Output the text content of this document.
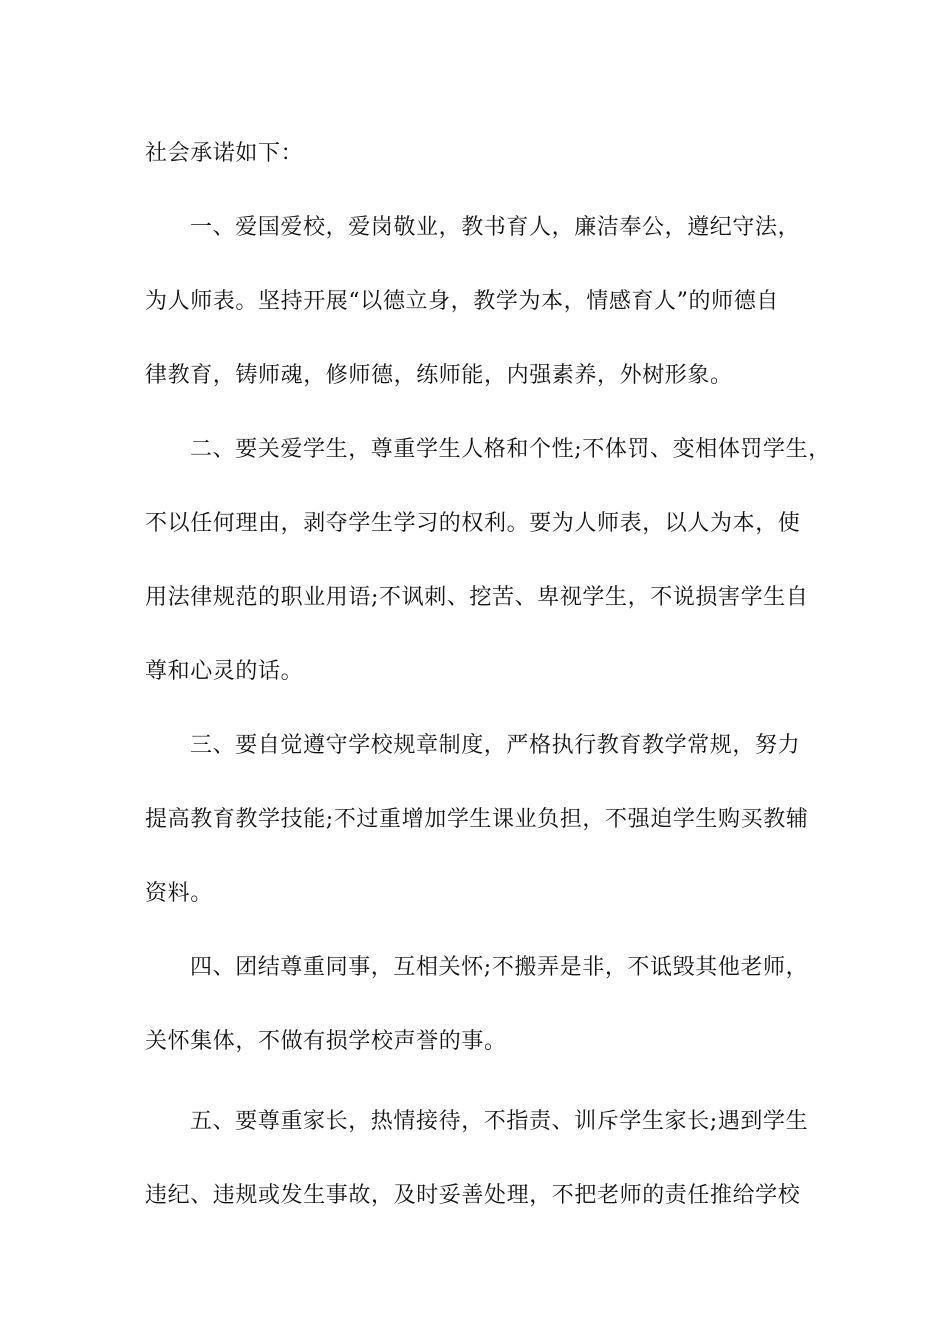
社会承诺如下：
一、爱国爱校，爱岗敬业，教书育人，廉洁奉公，遵纪守法，
为人师表。坚持开展“以德立身，教学为本，情感育人”的师德自
律教育，铸师魂，修师德，练师能，内强素养，外树形象。
二、要关爱学生，尊重学生人格和个性;不体罚、变相体罚学生，
不以任何理由，剥夺学生学习的权利。要为人师表，以人为本，使
用法律规范的职业用语;不讽刺、挖苦、卑视学生，不说损害学生自
尊和心灵的话。
三、要自觉遵守学校规章制度，严格执行教育教学常规，努力
提高教育教学技能;不过重增加学生课业负担，不强迫学生购买教辅
资料。
四、团结尊重同事，互相关怀;不搬弄是非，不诋毁其他老师，
关怀集体，不做有损学校声誉的事。
五、要尊重家长，热情接待，不指责、训斥学生家长;遇到学生
违纪、违规或发生事故，及时妥善处理，不把老师的责任推给学校
